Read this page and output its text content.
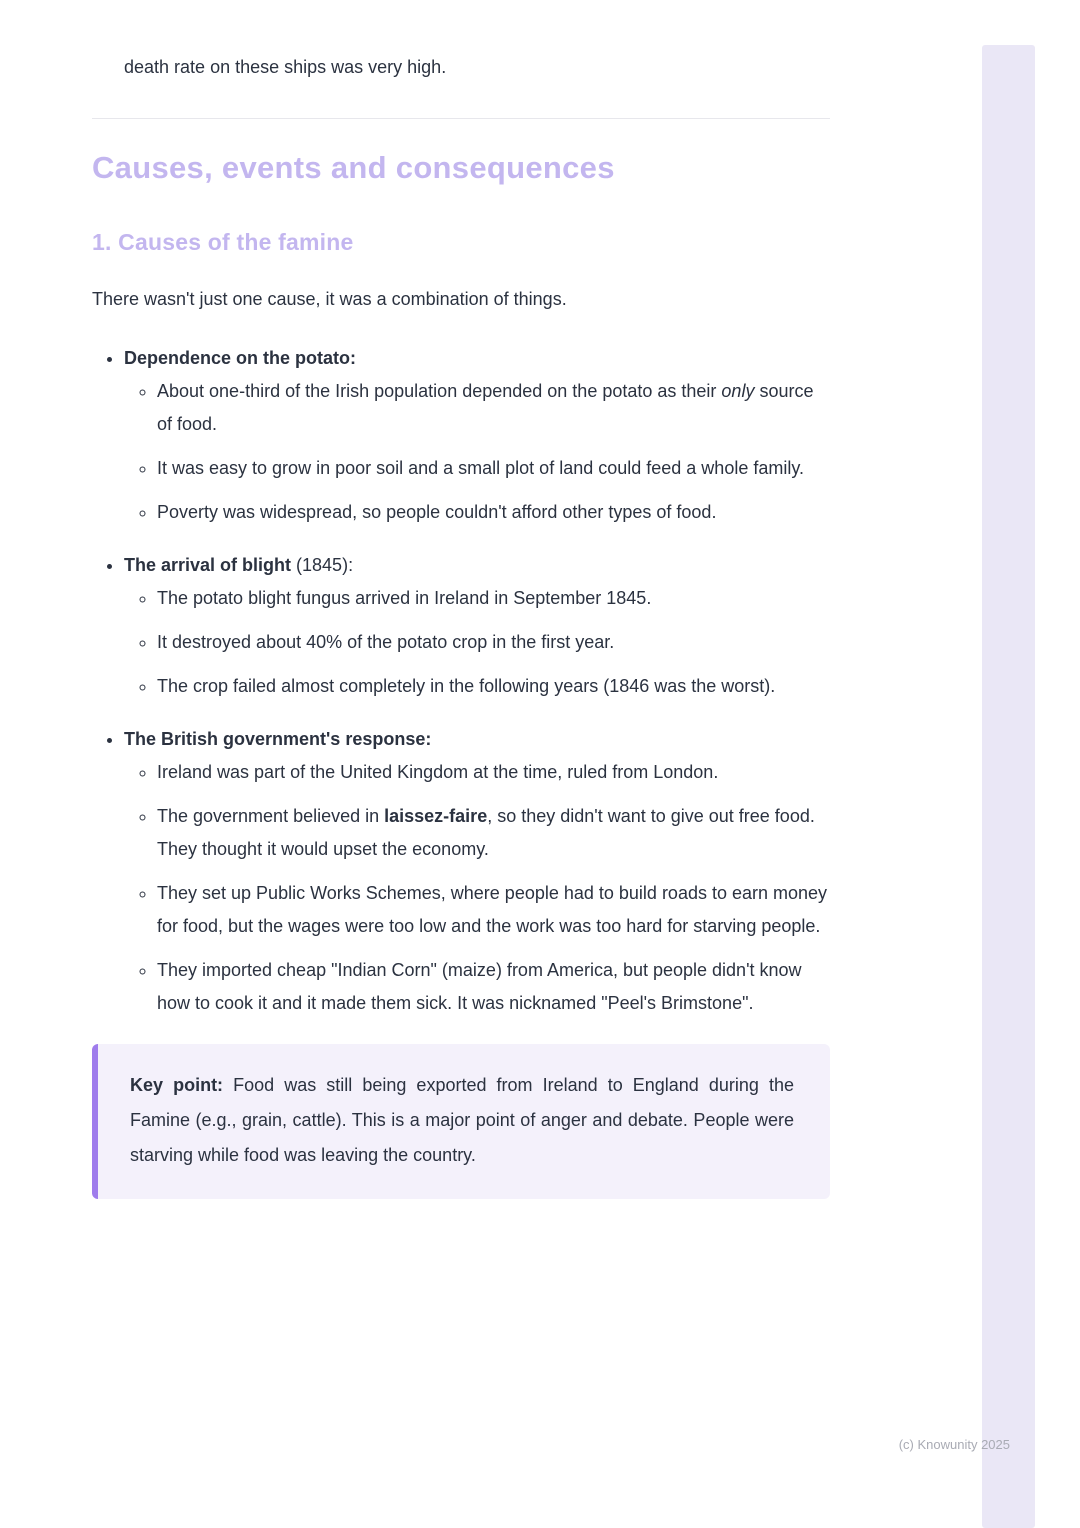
death rate on these ships was very high.

Causes, events and consequences
1. Causes of the famine

There wasn't just one cause, it was a combination of things.

• Dependence on the potato:
◦ About one-third of the Irish population depended on the potato as their only source of food.
◦ It was easy to grow in poor soil and a small plot of land could feed a whole family.
◦ Poverty was widespread, so people couldn't afford other types of food.
• The arrival of blight (1845):
◦ The potato blight fungus arrived in Ireland in September 1845.
◦ It destroyed about 40% of the potato crop in the first year.
◦ The crop failed almost completely in the following years (1846 was the worst).
• The British government's response:
◦ Ireland was part of the United Kingdom at the time, ruled from London.
◦ The government believed in laissez-faire, so they didn't want to give out free food. They thought it would upset the economy.
◦ They set up Public Works Schemes, where people had to build roads to earn money for food, but the wages were too low and the work was too hard for starving people.
◦ They imported cheap "Indian Corn" (maize) from America, but people didn't know how to cook it and it made them sick. It was nicknamed "Peel's Brimstone".

Key point: Food was still being exported from Ireland to England during the Famine (e.g., grain, cattle). This is a major point of anger and debate. People were starving while food was leaving the country.

(c) Knowunity 2025
